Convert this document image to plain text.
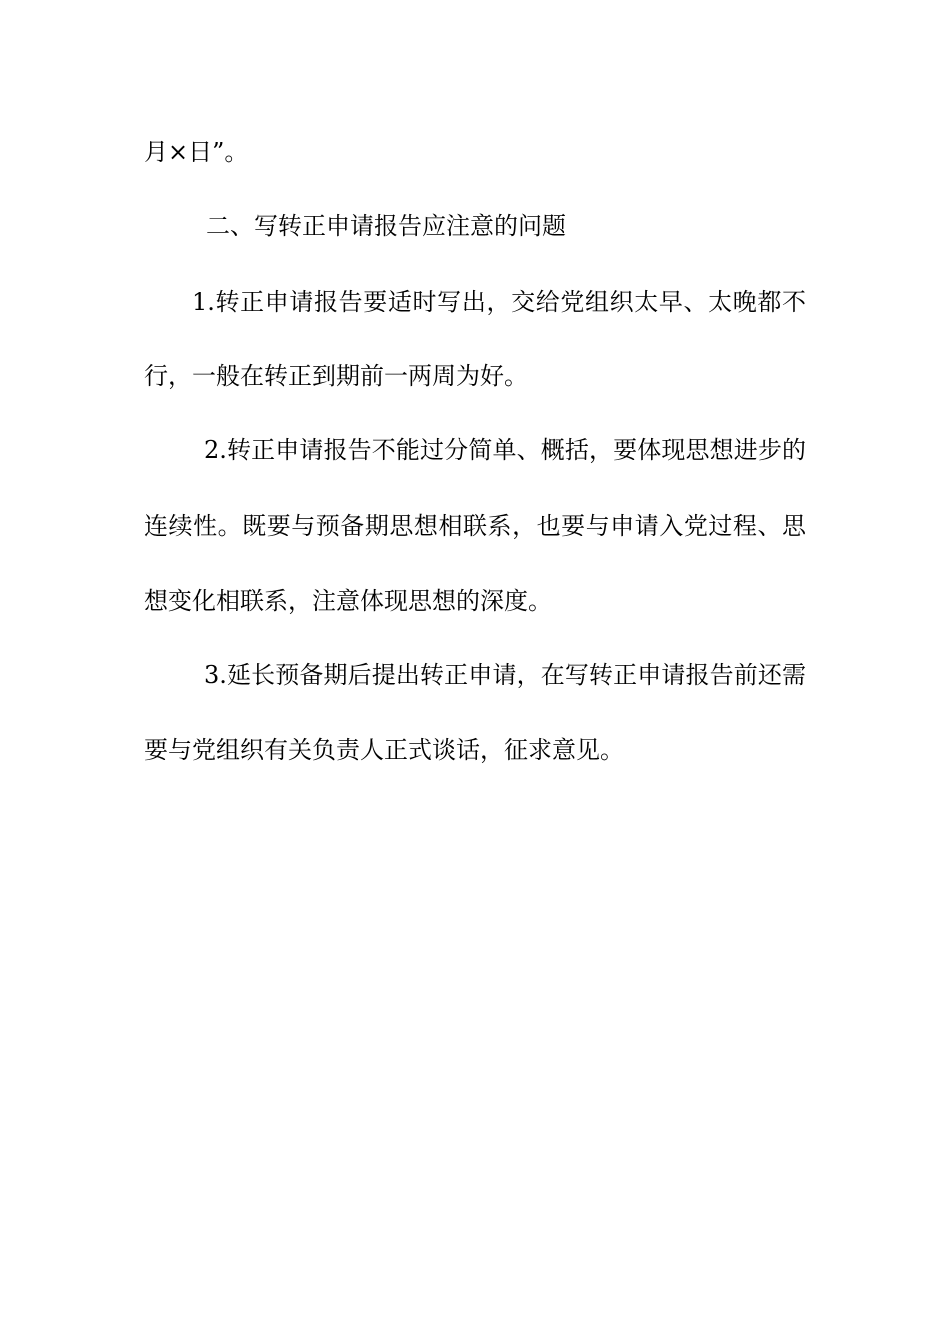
月×日”。
二、写转正申请报告应注意的问题
1.转正申请报告要适时写出，交给党组织太早、太晚都不
行，一般在转正到期前一两周为好。
2.转正申请报告不能过分简单、概括，要体现思想进步的
连续性。既要与预备期思想相联系，也要与申请入党过程、思
想变化相联系，注意体现思想的深度。
3.延长预备期后提出转正申请，在写转正申请报告前还需
要与党组织有关负责人正式谈话，征求意见。
